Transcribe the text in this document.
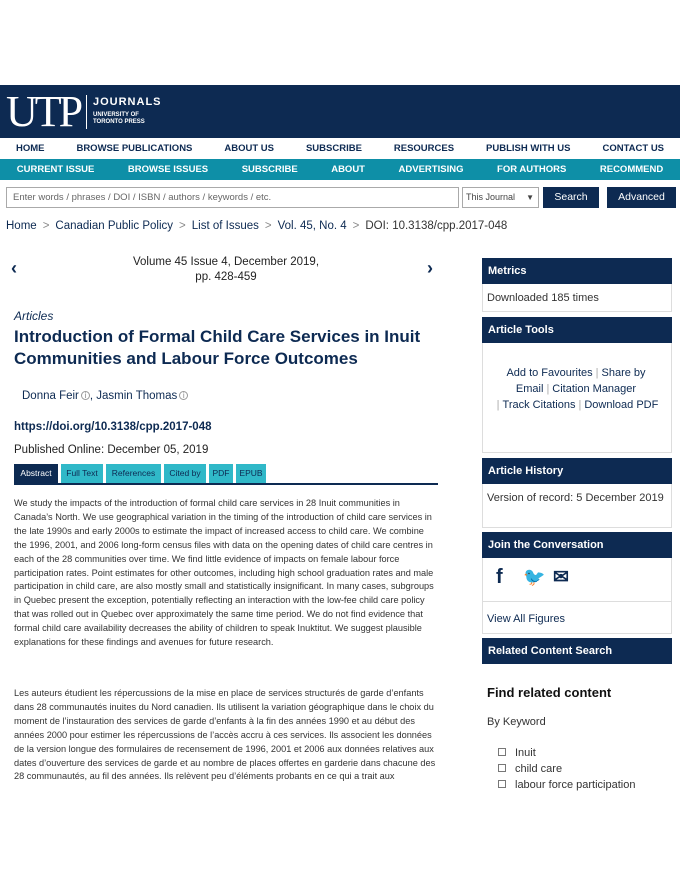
UTP JOURNALS
UNIVERSITY OF TORONTO PRESS
HOME	BROWSE PUBLICATIONS	ABOUT US	SUBSCRIBE	RESOURCES	PUBLISH WITH US	CONTACT US
CURRENT ISSUE	BROWSE ISSUES	SUBSCRIBE	ABOUT	ADVERTISING	FOR AUTHORS	RECOMMEND
Enter words / phrases / DOI / ISBN / authors / keywords / etc.	This Journal ▼	Search	Advanced
Home > Canadian Public Policy > List of Issues > Vol. 45, No. 4 > DOI: 10.3138/cpp.2017-048
‹	Volume 45 Issue 4, December 2019,
pp. 428-459	›
Articles
Introduction of Formal Child Care Services in Inuit Communities and Labour Force Outcomes
Donna Feir i , Jasmin Thomas i
https://doi.org/10.3138/cpp.2017-048
Published Online: December 05, 2019
Abstract	Full Text	References	Cited by	PDF	EPUB
We study the impacts of the introduction of formal child care services in 28 Inuit communities in Canada’s North. We use geographical variation in the timing of the introduction of child care services in the late 1990s and early 2000s to estimate the impact of increased access to child care. We combine the 1996, 2001, and 2006 long-form census files with data on the opening dates of child care centres in each of the 28 communities over time. We find little evidence of impacts on female labour force participation rates. Point estimates for other outcomes, including high school graduation rates and male participation in child care, are also mostly small and statistically insignificant. In many cases, subgroups in Quebec present the exception, potentially reflecting an interaction with the low-fee child care policy that was rolled out in Quebec over approximately the same time period. We do not find evidence that formal child care availability decreases the ability of children to speak Inuktitut. We suggest plausible explanations for these findings and avenues for future research.
Les auteurs étudient les répercussions de la mise en place de services structurés de garde d’enfants dans 28 communautés inuites du Nord canadien. Ils utilisent la variation géographique dans le choix du moment de l’instauration des services de garde d’enfants à la fin des années 1990 et au début des années 2000 pour estimer les répercussions de l’accès accru à ces services. Ils associent les données de la version longue des formulaires de recensement de 1996, 2001 et 2006 aux données relatives aux dates d’ouverture des services de garde et au nombre de places offertes en garderie dans chacune des 28 communautés, au fil des années. Ils relèvent peu d’éléments probants en ce qui a trait aux
Metrics
Downloaded 185 times
Article Tools
Add to Favourites | Share by Email | Citation Manager
| Track Citations | Download PDF
Article History
Version of record: 5 December 2019
Join the Conversation
f 🐦 ✉
View All Figures
Related Content Search
Find related content
By Keyword
Inuit
child care
labour force participation
